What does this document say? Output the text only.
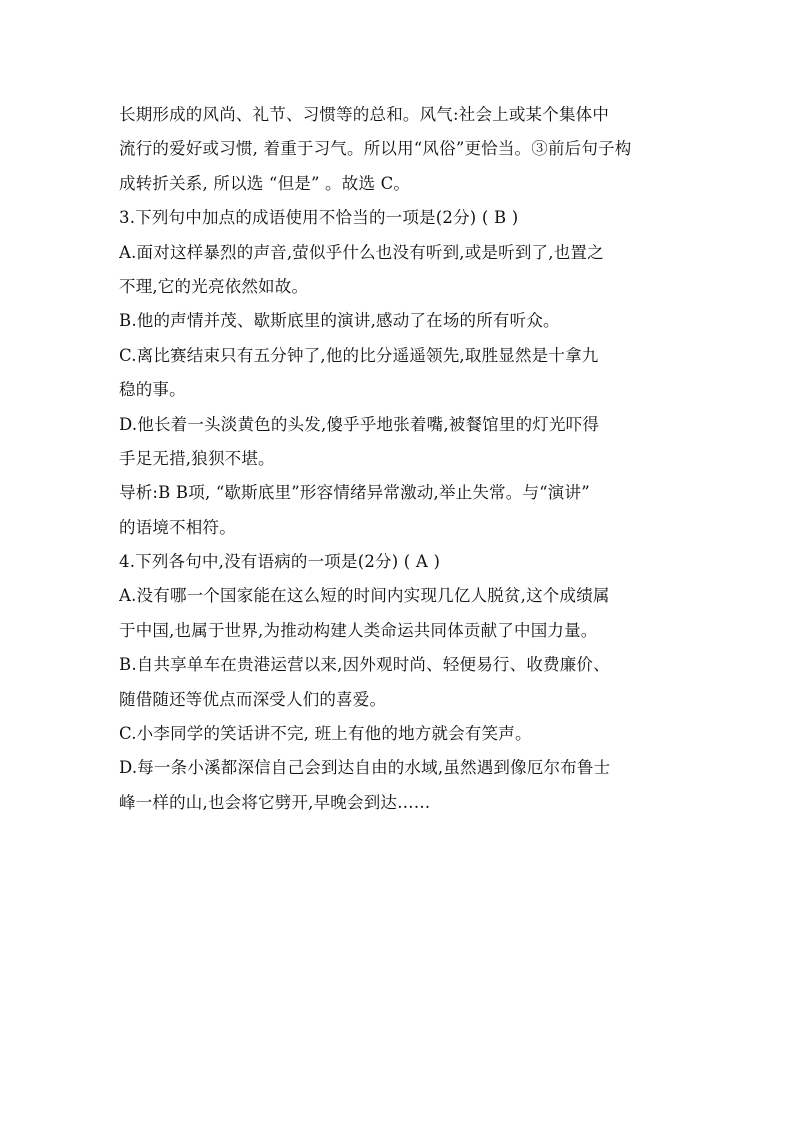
长期形成的风尚、礼节、习惯等的总和。风气:社会上或某个集体中
流行的爱好或习惯, 着重于习气。所以用“风俗”更恰当。③前后句子构
成转折关系, 所以选 “但是” 。故选 C。
3.下列句中加点的成语使用不恰当的一项是(2分) ( B )
A.面对这样暴烈的声音,萤似乎什么也没有听到,或是听到了,也置之
不理,它的光亮依然如故。
B.他的声情并茂、歇斯底里的演讲,感动了在场的所有听众。
C.离比赛结束只有五分钟了,他的比分遥遥领先,取胜显然是十拿九
稳的事。
D.他长着一头淡黄色的头发,傻乎乎地张着嘴,被餐馆里的灯光吓得
手足无措,狼狈不堪。
导析:B B项, “歇斯底里”形容情绪异常激动,举止失常。与“演讲”
的语境不相符。
4.下列各句中,没有语病的一项是(2分) ( A )
A.没有哪一个国家能在这么短的时间内实现几亿人脱贫,这个成绩属
于中国,也属于世界,为推动构建人类命运共同体贡献了中国力量。
B.自共享单车在贵港运营以来,因外观时尚、轻便易行、收费廉价、
随借随还等优点而深受人们的喜爱。
C.小李同学的笑话讲不完, 班上有他的地方就会有笑声。
D.每一条小溪都深信自己会到达自由的水域,虽然遇到像厄尔布鲁士
峰一样的山,也会将它劈开,早晚会到达……
